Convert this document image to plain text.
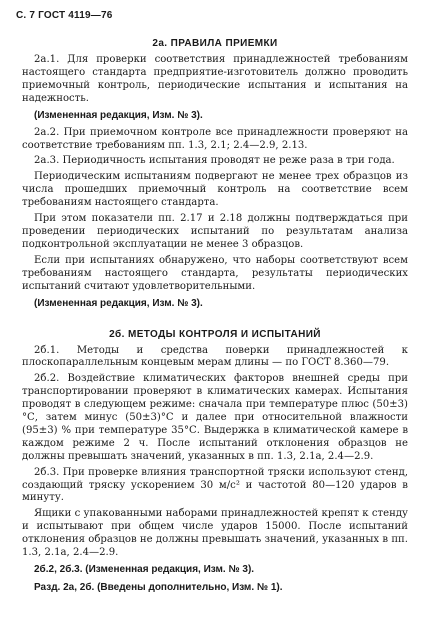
С. 7 ГОСТ 4119—76
2а. ПРАВИЛА ПРИЕМКИ
2а.1. Для проверки соответствия принадлежностей требованиям настоящего стандарта предприятие-изготовитель должно проводить приемочный контроль, периодические испытания и испытания на надежность.
(Измененная редакция, Изм. № 3).
2а.2. При приемочном контроле все принадлежности проверяют на соответствие требованиям пп. 1.3, 2.1; 2.4—2.9, 2.13.
2а.3. Периодичность испытания проводят не реже раза в три года.
Периодическим испытаниям подвергают не менее трех образцов из числа прошедших приемочный контроль на соответствие всем требованиям настоящего стандарта.
При этом показатели пп. 2.17 и 2.18 должны подтверждаться при проведении периодических испытаний по результатам анализа подконтрольной эксплуатации не менее 3 образцов.
Если при испытаниях обнаружено, что наборы соответствуют всем требованиям настоящего стандарта, результаты периодических испытаний считают удовлетворительными.
(Измененная редакция, Изм. № 3).
2б. МЕТОДЫ КОНТРОЛЯ И ИСПЫТАНИЙ
2б.1. Методы и средства поверки принадлежностей к плоскопараллельным концевым мерам длины — по ГОСТ 8.360—79.
2б.2. Воздействие климатических факторов внешней среды при транспортировании проверяют в климатических камерах. Испытания проводят в следующем режиме: сначала при температуре плюс (50±3)°С, затем минус (50±3)°С и далее при относительной влажности (95±3) % при температуре 35°С. Выдержка в климатической камере в каждом режиме 2 ч. После испытаний отклонения образцов не должны превышать значений, указанных в пп. 1.3, 2.1а, 2.4—2.9.
2б.3. При проверке влияния транспортной тряски используют стенд, создающий тряску ускорением 30 м/с² и частотой 80—120 ударов в минуту.
Ящики с упакованными наборами принадлежностей крепят к стенду и испытывают при общем числе ударов 15000. После испытаний отклонения образцов не должны превышать значений, указанных в пп. 1.3, 2.1а, 2.4—2.9.
2б.2, 2б.3. (Измененная редакция, Изм. № 3).
Разд. 2а, 2б. (Введены дополнительно, Изм. № 1).
